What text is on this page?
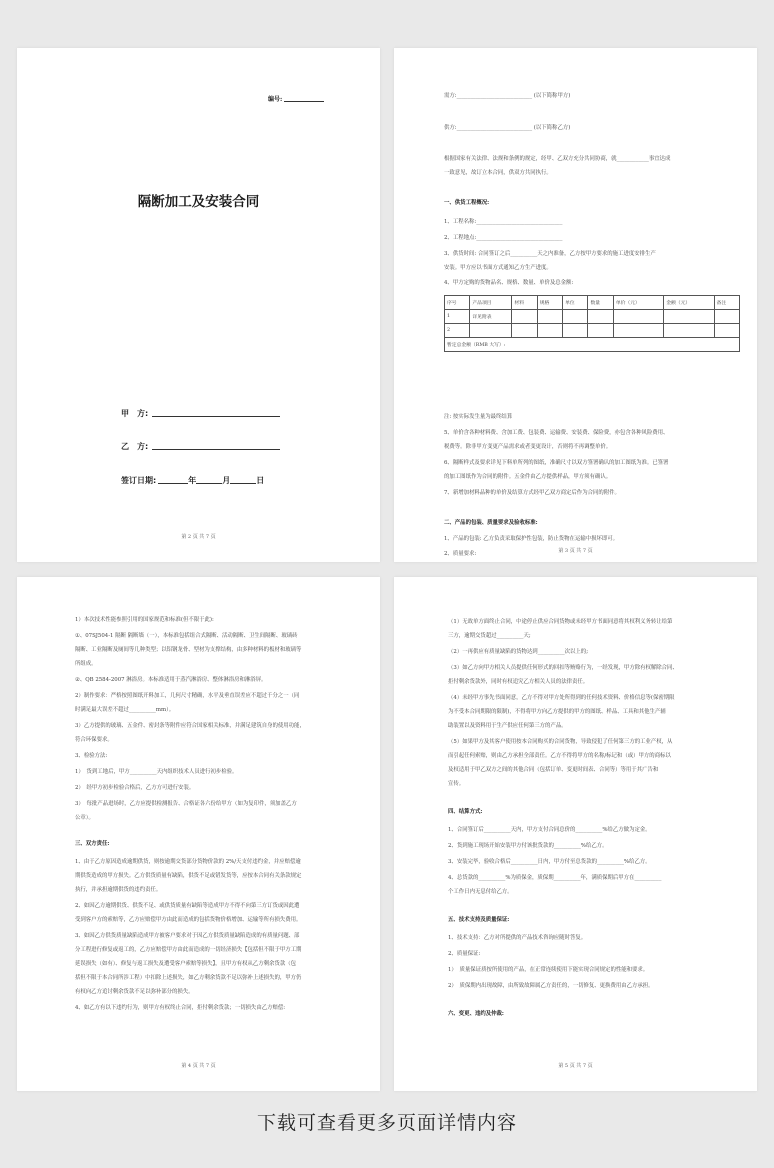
编号:
隔断加工及安装合同
甲　方:
乙　方:
签订日期:	年	月	日
第 2 页 共 7 页
需方:____________________________ (以下简称甲方)
供方:____________________________ (以下简称乙方)
根据国家有关法律、法规和条例的规定，经甲、乙双方充分共同协商，就____________事宜达成
一致意见，故订立本合同，供双方共同执行。
一、供货工程概况:
1、工程名称:________________________________
2、工程地点:________________________________
3、供货时间: 合同签订之后__________天之内准备，乙方按甲方要求的施工进度安排生产
安装。甲方应以书面方式通知乙方生产进度。
4、甲方定购的货物品名、规格、数量、单价及总金额:
序号	产品项目	材料	规格	单位	数量	单价（元）	金额（元）	备注
1	详见附表							
2								
暂定总金额（RMB 大写）:								
注: 按实际发生量为最终结算
5、单价含各种材料费、含加工费、包装费、运输费、安装费、保险费，亦包含各种风险费用、
税费等。除非甲方变更产品需求或者变更设计，否则将不再调整单价。
6、隔断样式及要求详见下料单所列的图纸，准确尺寸以双方签署确认的加工图纸为准。已签署
的加工图纸作为合同的附件。五金件由乙方提供样品，甲方须有确认。
7、新增加材料品种的单价及结算方式经甲乙双方商定后作为合同的附件。
二、产品的包装、质量要求及验收标准:
1、产品的包装: 乙方负责采取保护性包装，防止货物在运输中损坏即可。
2、质量要求:	第 3 页 共 7 页
1）本次技术性能参照引用的国家规范和标准(但不限于此):
①、07SJ504-1 隔断 隔断墙（一），本标准包括组合式隔断、活动隔断、卫生间隔断、玻璃砖
隔断、工业隔断及厕间等几种类型；以铝钢龙骨、型材为支撑结构，由多种材料的板材和玻璃等
所组成。
②、QB 2584-2007 淋浴房。本标准适用于蒸汽淋浴房、整体淋浴房和淋浴屏。
2）制作要求：严格按照图纸开料加工，几何尺寸精确，水平及垂直误差应不超过千分之一（同
时满足最大误差不超过__________mm）。
3）乙方提供的玻璃、五金件、密封条等附件应符合国家相关标准，并满足建筑自身的使用功能，
符合环保要求。
3、检验方法:
1）　货到工地后，甲方__________天内组织技术人员进行初步检验。
2）　经甲方初步检验合格后，乙方方可进行安装。
3）　每批产品进场时，乙方应提供检测报告、合格证各六份给甲方（如为复印件，须加盖乙方
公章）。
三、双方责任:
1、由于乙方原因造成逾期供货，则按逾期交货部分货物价款的 2%/天支付违约金，并应赔偿逾
期供货造成的甲方损失。乙方供货质量有缺陷，供货不足或错发货等，应按本合同有关条款规定
执行，并承担逾期供货的违约责任。
2、如因乙方逾期供货、供货不足、或供货质量有缺陷等造成甲方不得不向第三方订货或因此遭
受到客户方的索赔等，乙方应赔偿甲方由此而造成的包括货物价格增加、运输等所有损失费用。
3、如因乙方供货质量缺陷造成甲方被客户要求对于因乙方供货质量缺陷造成的有质量问题、部
分工程进行修复或返工的，乙方应赔偿甲方由此而造成的一切经济损失【包括但不限于甲方工期
延误损失（如有）、修复与返工损失及遭受客户索赔等损失】，且甲方有权从乙方剩余货款（包
括但不限于本合同所涉工程）中扣除上述损失，如乙方剩余货款不足以弥补上述损失的，甲方仍
有权向乙方追讨剩余货款不足以弥补部分的损失。
4、如乙方有以下违约行为，则甲方有权终止合同，拒付剩余货款；一切损失由乙方赔偿:
第 4 页 共 7 页
（1）无故单方面终止合同，中途停止供应合同货物或未经甲方书面同意将其权利义务转让给第
三方，逾期交货超过__________天;
（2）一再供应有质量缺陷的货物达到__________次以上的;
（3）如乙方向甲方相关人员提供任何形式的回扣等贿赂行为，一经发现，甲方除有权解除合同、
拒付剩余货款外，同时有权追究乙方相关人员的法律责任。
（4）未经甲方事先书面同意，乙方不得对甲方处所得到的任何技术资料、价格信息等(保密期限
为不受本合同期限的限制)，不得将甲方向乙方提供的甲方的图纸、样品、工具和其他生产辅
助装置以及资料用于生产供应任何第三方的产品。
（5）如果甲方及其客户使用按本合同购买的合同货物，导致侵犯了任何第三方的工业产权，从
而引起任何索赔，则由乙方承担全部责任。乙方不得将甲方的名称/标记和（或）甲方的商标以
及权适用于甲乙双方之间的其他合同（包括订单、变更时间表、合同等）等用于其广告和
宣传。
四、结算方式:
1、合同签订后__________天内，甲方支付合同总价的__________%给乙方做为定金。
2、货到施工现场开始安装甲方付该批货款的__________%给乙方。
3、安装完毕，验收合格后__________日内，甲方付至总货款的__________%给乙方。
4、总货款的__________%为质保金，质保期__________年，满质保期后甲方在__________
个工作日内无息付给乙方。
五、技术支持及质量保证:
1、技术支持：乙方对所提供的产品技术咨询应随时答复。
2、质量保证:
1）　质量保证质按所使用的产品，在正常连续使用下能实现合同规定的性能和要求。
2）　质保期内出现故障，由所致故障属乙方责任的，一切修复、更换费用由乙方承担。
六、变更、违约及仲裁:
第 5 页 共 7 页
下载可查看更多页面详情内容
